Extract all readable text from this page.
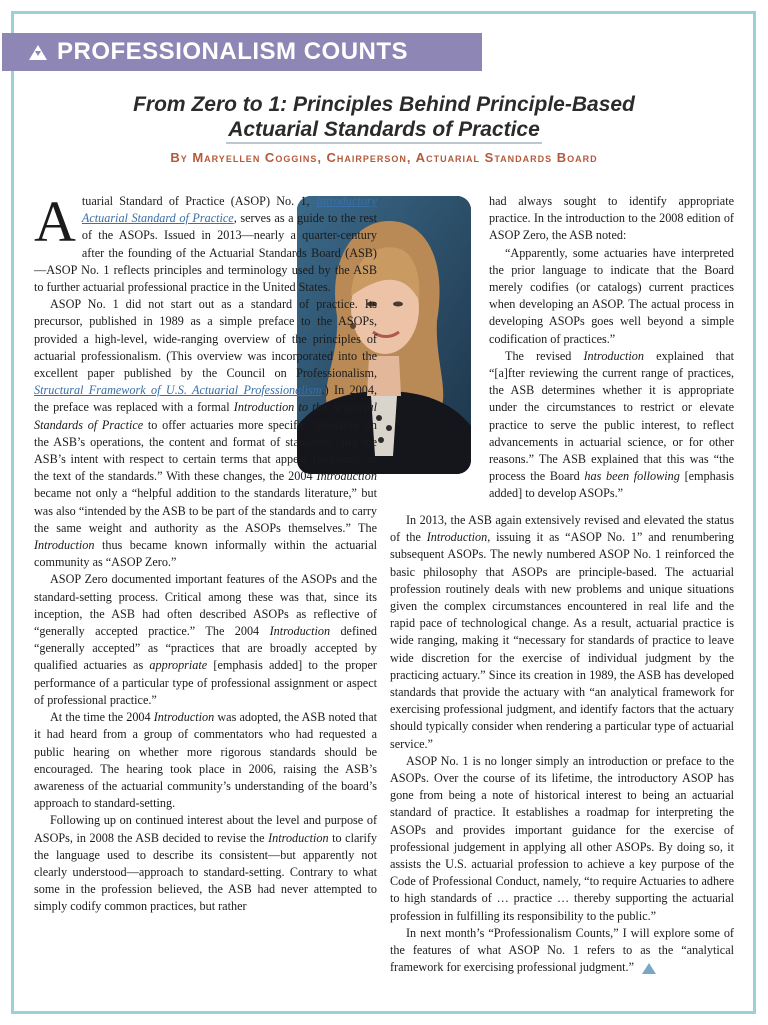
PROFESSIONALISM COUNTS
From Zero to 1: Principles Behind Principle-Based
Actuarial Standards of Practice
By Maryellen Coggins, Chairperson, Actuarial Standards Board

Atuarial Standard of Practice (ASOP) No. 1, Introductory Actuarial Standard of Practice, serves as a guide to the rest of the ASOPs. Issued in 2013—nearly a quarter-century after the founding of the Actuarial Standards Board (ASB)—ASOP No. 1 reflects principles and terminology used by the ASB to further actuarial professional practice in the United States.

ASOP No. 1 did not start out as a standard of practice. Its precursor, published in 1989 as a simple preface to the ASOPs, provided a high-level, wide-ranging overview of the principles of actuarial professionalism. (This overview was incorporated into the excellent paper published by the Council on Professionalism, Structural Framework of U.S. Actuarial Professionalism.) In 2004, the preface was replaced with a formal Introduction to the Actuarial Standards of Practice to offer actuaries more specific “guidance on the ASB’s operations, the content and format of standards, and the ASB’s intent with respect to certain terms that appear frequently in the text of the standards.” With these changes, the 2004 Introduction became not only a “helpful addition to the standards literature,” but was also “intended by the ASB to be part of the standards and to carry the same weight and authority as the ASOPs themselves.” The Introduction thus became known informally within the actuarial community as “ASOP Zero.”

ASOP Zero documented important features of the ASOPs and the standard-setting process. Critical among these was that, since its inception, the ASB had often described ASOPs as reflective of “generally accepted practice.” The 2004 Introduction defined “generally accepted” as “practices that are broadly accepted by qualified actuaries as appropriate [emphasis added] to the proper performance of a particular type of professional assignment or aspect of professional practice.”

At the time the 2004 Introduction was adopted, the ASB noted that it had heard from a group of commentators who had requested a public hearing on whether more rigorous standards should be encouraged. The hearing took place in 2006, raising the ASB’s awareness of the actuarial community’s understanding of the board’s approach to standard-setting.

Following up on continued interest about the level and purpose of ASOPs, in 2008 the ASB decided to revise the Introduction to clarify the language used to describe its consistent—but apparently not clearly understood—approach to standard-setting. Contrary to what some in the profession believed, the ASB had never attempted to simply codify common practices, but rather

had always sought to identify appropriate practice. In the introduction to the 2008 edition of ASOP Zero, the ASB noted:

“Apparently, some actuaries have interpreted the prior language to indicate that the Board merely codifies (or catalogs) current practices when developing an ASOP. The actual process in developing ASOPs goes well beyond a simple codification of practices.”

The revised Introduction explained that “[a]fter reviewing the current range of practices, the ASB determines whether it is appropriate under the circumstances to restrict or elevate practice to serve the public interest, to reflect advancements in actuarial science, or for other reasons.” The ASB explained that this was “the process the Board has been following [emphasis added] to develop ASOPs.”

In 2013, the ASB again extensively revised and elevated the status of the Introduction, issuing it as “ASOP No. 1” and renumbering subsequent ASOPs. The newly numbered ASOP No. 1 reinforced the basic philosophy that ASOPs are principle-based. The actuarial profession routinely deals with new problems and unique situations given the complex circumstances encountered in real life and the rapid pace of technological change. As a result, actuarial practice is wide ranging, making it “necessary for standards of practice to leave wide discretion for the exercise of individual judgment by the practicing actuary.” Since its creation in 1989, the ASB has developed standards that provide the actuary with “an analytical framework for exercising professional judgment, and identify factors that the actuary should typically consider when rendering a particular type of actuarial service.”

ASOP No. 1 is no longer simply an introduction or preface to the ASOPs. Over the course of its lifetime, the introductory ASOP has gone from being a note of historical interest to being an actuarial standard of practice. It establishes a roadmap for interpreting the ASOPs and provides important guidance for the exercise of professional judgement in applying all other ASOPs. By doing so, it assists the U.S. actuarial profession to achieve a key purpose of the Code of Professional Conduct, namely, “to require Actuaries to adhere to high standards of … practice … thereby supporting the actuarial profession in fulfilling its responsibility to the public.”

In next month’s “Professionalism Counts,” I will explore some of the features of what ASOP No. 1 refers to as the “analytical framework for exercising professional judgment.”
